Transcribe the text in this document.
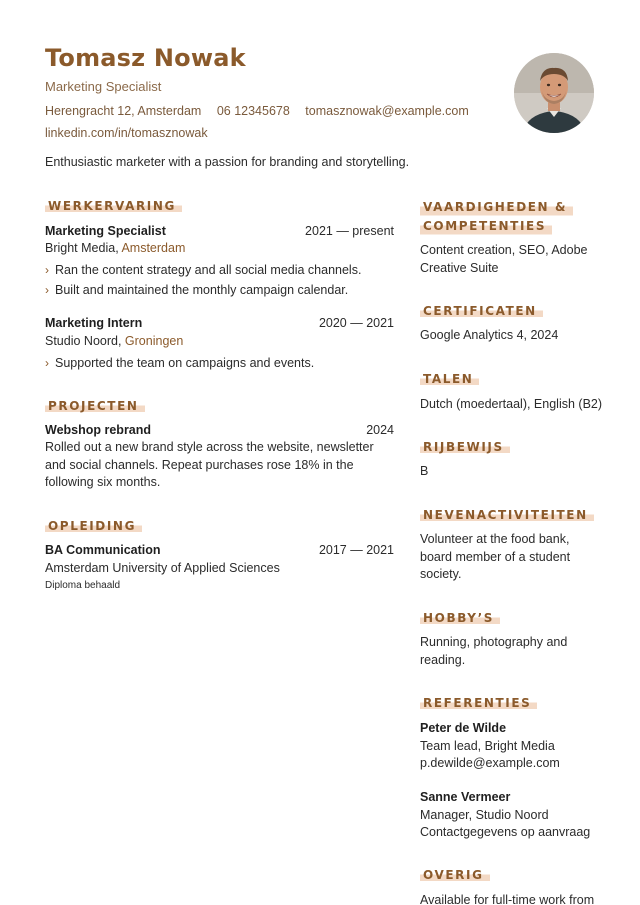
Tomasz Nowak
Marketing Specialist
Herengracht 12, Amsterdam 06 12345678 tomasznowak@example.com
linkedin.com/in/tomasznowak
Enthusiastic marketer with a passion for branding and storytelling.
WERKERVARING
Marketing Specialist	2021 — present
Bright Media, Amsterdam
› Ran the content strategy and all social media channels.
› Built and maintained the monthly campaign calendar.
Marketing Intern	2020 — 2021
Studio Noord, Groningen
› Supported the team on campaigns and events.
PROJECTEN
Webshop rebrand	2024
Rolled out a new brand style across the website, newsletter and social channels. Repeat purchases rose 18% in the following six months.
OPLEIDING
BA Communication	2017 — 2021
Amsterdam University of Applied Sciences
Diploma behaald
VAARDIGHEDEN &
COMPETENTIES
Content creation, SEO, Adobe Creative Suite
CERTIFICATEN
Google Analytics 4, 2024
TALEN
Dutch (moedertaal), English (B2)
RIJBEWIJS
B
NEVENACTIVITEITEN
Volunteer at the food bank, board member of a student society.
HOBBY’S
Running, photography and reading.
REFERENTIES
Peter de Wilde
Team lead, Bright Media
p.dewilde@example.com
Sanne Vermeer
Manager, Studio Noord
Contactgegevens op aanvraag
OVERIG
Available for full-time work from
